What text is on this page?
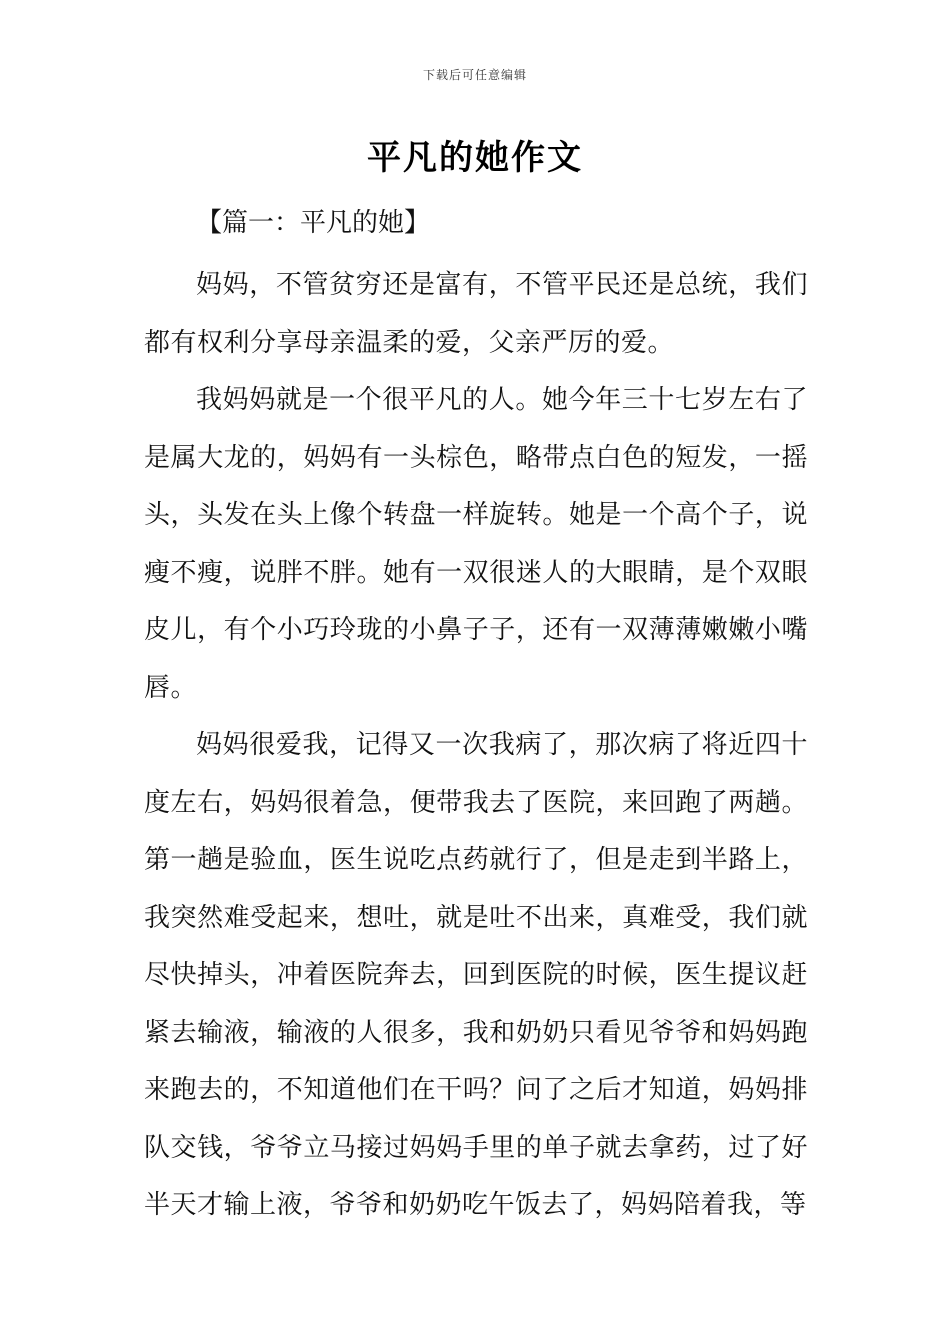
下载后可任意编辑
平凡的她作文
【篇一：平凡的她】

妈妈，不管贫穷还是富有，不管平民还是总统，我们都有权利分享母亲温柔的爱，父亲严厉的爱。

我妈妈就是一个很平凡的人。她今年三十七岁左右了是属大龙的，妈妈有一头棕色，略带点白色的短发，一摇头，头发在头上像个转盘一样旋转。她是一个高个子，说瘦不瘦，说胖不胖。她有一双很迷人的大眼睛，是个双眼皮儿，有个小巧玲珑的小鼻子子，还有一双薄薄嫩嫩小嘴唇。

妈妈很爱我，记得又一次我病了，那次病了将近四十度左右，妈妈很着急，便带我去了医院，来回跑了两趟。第一趟是验血，医生说吃点药就行了，但是走到半路上，我突然难受起来，想吐，就是吐不出来，真难受，我们就尽快掉头，冲着医院奔去，回到医院的时候，医生提议赶紧去输液，输液的人很多，我和奶奶只看见爷爷和妈妈跑来跑去的，不知道他们在干吗？问了之后才知道，妈妈排队交钱，爷爷立马接过妈妈手里的单子就去拿药，过了好半天才输上液，爷爷和奶奶吃午饭去了，妈妈陪着我，等
